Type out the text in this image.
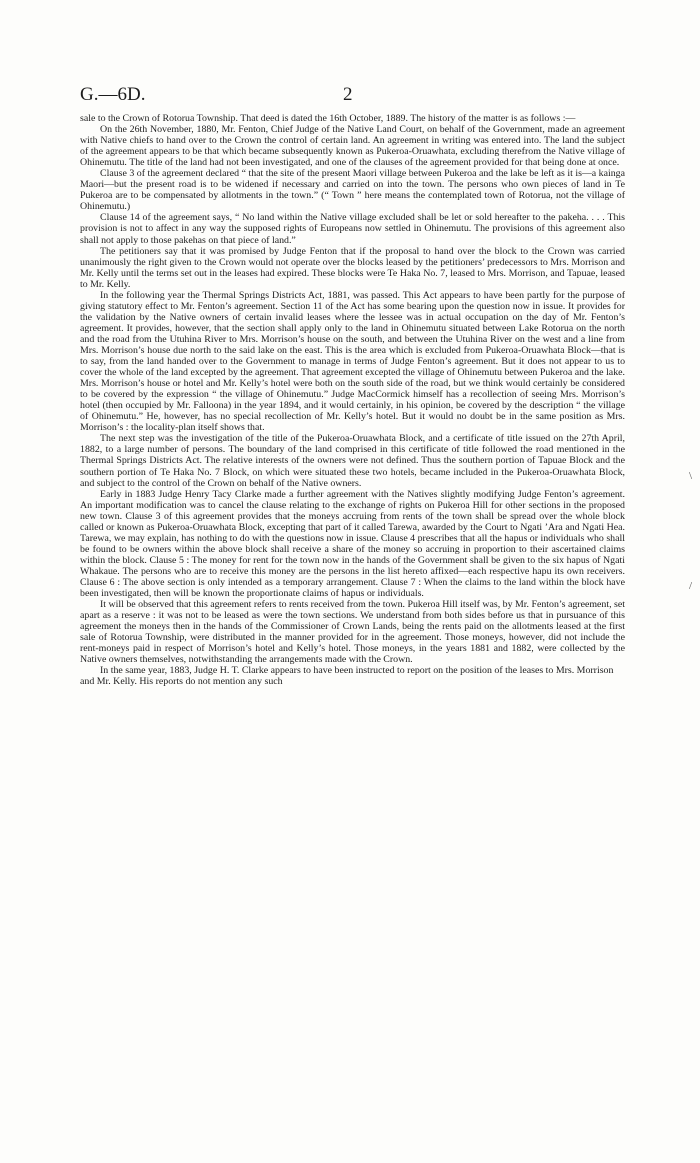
G.—6D.	2

sale to the Crown of Rotorua Township. That deed is dated the 16th October, 1889. The history of the matter is as follows :—

On the 26th November, 1880, Mr. Fenton, Chief Judge of the Native Land Court, on behalf of the Government, made an agreement with Native chiefs to hand over to the Crown the control of certain land. An agreement in writing was entered into. The land the subject of the agreement appears to be that which became subsequently known as Pukeroa-Oruawhata, excluding therefrom the Native village of Ohinemutu. The title of the land had not been investigated, and one of the clauses of the agreement provided for that being done at once.

Clause 3 of the agreement declared “ that the site of the present Maori village between Pukeroa and the lake be left as it is—a kainga Maori—but the present road is to be widened if necessary and carried on into the town. The persons who own pieces of land in Te Pukeroa are to be compensated by allotments in the town.” (“ Town ” here means the contemplated town of Rotorua, not the village of Ohinemutu.)

Clause 14 of the agreement says, “ No land within the Native village excluded shall be let or sold hereafter to the pakeha. . . . This provision is not to affect in any way the supposed rights of Europeans now settled in Ohinemutu. The provisions of this agreement also shall not apply to those pakehas on that piece of land.”

The petitioners say that it was promised by Judge Fenton that if the proposal to hand over the block to the Crown was carried unanimously the right given to the Crown would not operate over the blocks leased by the petitioners’ predecessors to Mrs. Morrison and Mr. Kelly until the terms set out in the leases had expired. These blocks were Te Haka No. 7, leased to Mrs. Morrison, and Tapuae, leased to Mr. Kelly.

In the following year the Thermal Springs Districts Act, 1881, was passed. This Act appears to have been partly for the purpose of giving statutory effect to Mr. Fenton’s agreement. Section 11 of the Act has some bearing upon the question now in issue. It provides for the validation by the Native owners of certain invalid leases where the lessee was in actual occupation on the day of Mr. Fenton’s agreement. It provides, however, that the section shall apply only to the land in Ohinemutu situated between Lake Rotorua on the north and the road from the Utuhina River to Mrs. Morrison’s house on the south, and between the Utuhina River on the west and a line from Mrs. Morrison’s house due north to the said lake on the east. This is the area which is excluded from Pukeroa-Oruawhata Block—that is to say, from the land handed over to the Government to manage in terms of Judge Fenton’s agreement. But it does not appear to us to cover the whole of the land excepted by the agreement. That agreement excepted the village of Ohinemutu between Pukeroa and the lake. Mrs. Morrison’s house or hotel and Mr. Kelly’s hotel were both on the south side of the road, but we think would certainly be considered to be covered by the expression “ the village of Ohinemutu.” Judge MacCormick himself has a recollection of seeing Mrs. Morrison’s hotel (then occupied by Mr. Falloona) in the year 1894, and it would certainly, in his opinion, be covered by the description “ the village of Ohinemutu.” He, however, has no special recollection of Mr. Kelly’s hotel. But it would no doubt be in the same position as Mrs. Morrison’s : the locality-plan itself shows that.

The next step was the investigation of the title of the Pukeroa-Oruawhata Block, and a certificate of title issued on the 27th April, 1882, to a large number of persons. The boundary of the land comprised in this certificate of title followed the road mentioned in the Thermal Springs Districts Act. The relative interests of the owners were not defined. Thus the southern portion of Tapuae Block and the southern portion of Te Haka No. 7 Block, on which were situated these two hotels, became included in the Pukeroa-Oruawhata Block, and subject to the control of the Crown on behalf of the Native owners.

Early in 1883 Judge Henry Tacy Clarke made a further agreement with the Natives slightly modifying Judge Fenton’s agreement. An important modification was to cancel the clause relating to the exchange of rights on Pukeroa Hill for other sections in the proposed new town. Clause 3 of this agreement provides that the moneys accruing from rents of the town shall be spread over the whole block called or known as Pukeroa-Oruawhata Block, excepting that part of it called Tarewa, awarded by the Court to Ngati ’Ara and Ngati Hea. Tarewa, we may explain, has nothing to do with the questions now in issue. Clause 4 prescribes that all the hapus or individuals who shall be found to be owners within the above block shall receive a share of the money so accruing in proportion to their ascertained claims within the block. Clause 5 : The money for rent for the town now in the hands of the Government shall be given to the six hapus of Ngati Whakaue. The persons who are to receive this money are the persons in the list hereto affixed—each respective hapu its own receivers. Clause 6 : The above section is only intended as a temporary arrangement. Clause 7 : When the claims to the land within the block have been investigated, then will be known the proportionate claims of hapus or individuals.

It will be observed that this agreement refers to rents received from the town. Pukeroa Hill itself was, by Mr. Fenton’s agreement, set apart as a reserve : it was not to be leased as were the town sections. We understand from both sides before us that in pursuance of this agreement the moneys then in the hands of the Commissioner of Crown Lands, being the rents paid on the allotments leased at the first sale of Rotorua Township, were distributed in the manner provided for in the agreement. Those moneys, however, did not include the rent-moneys paid in respect of Morrison’s hotel and Kelly’s hotel. Those moneys, in the years 1881 and 1882, were collected by the Native owners themselves, notwithstanding the arrangements made with the Crown.

In the same year, 1883, Judge H. T. Clarke appears to have been instructed to report on the position of the leases to Mrs. Morrison and Mr. Kelly. His reports do not mention any such

\
/
